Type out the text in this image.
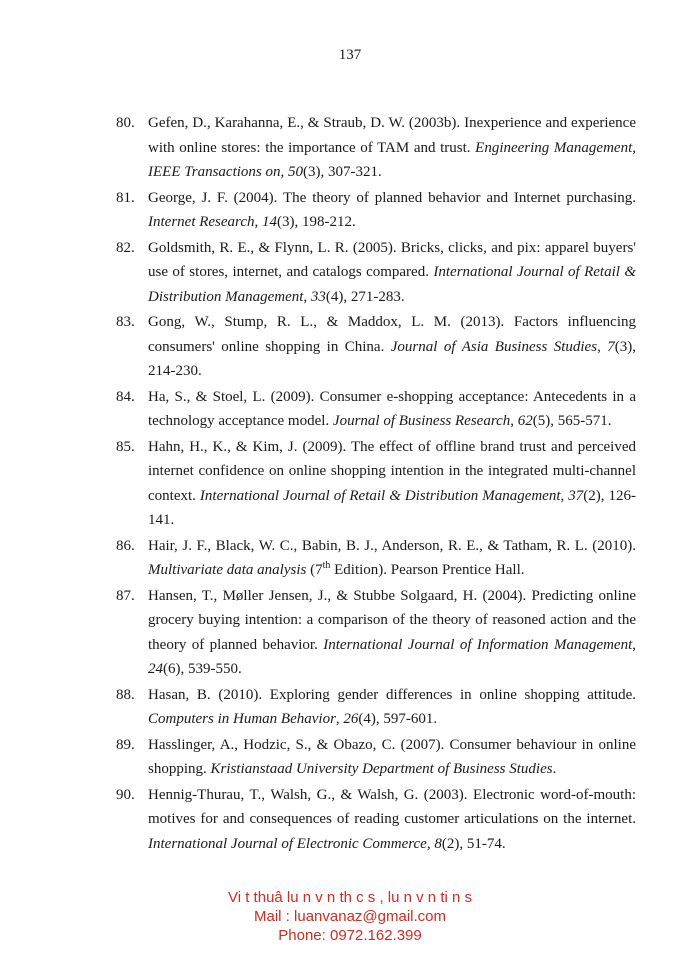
137
80. Gefen, D., Karahanna, E., & Straub, D. W. (2003b). Inexperience and experience with online stores: the importance of TAM and trust. Engineering Management, IEEE Transactions on, 50(3), 307-321.
81. George, J. F. (2004). The theory of planned behavior and Internet purchasing. Internet Research, 14(3), 198-212.
82. Goldsmith, R. E., & Flynn, L. R. (2005). Bricks, clicks, and pix: apparel buyers' use of stores, internet, and catalogs compared. International Journal of Retail & Distribution Management, 33(4), 271-283.
83. Gong, W., Stump, R. L., & Maddox, L. M. (2013). Factors influencing consumers' online shopping in China. Journal of Asia Business Studies, 7(3), 214-230.
84. Ha, S., & Stoel, L. (2009). Consumer e-shopping acceptance: Antecedents in a technology acceptance model. Journal of Business Research, 62(5), 565-571.
85. Hahn, H., K., & Kim, J. (2009). The effect of offline brand trust and perceived internet confidence on online shopping intention in the integrated multi-channel context. International Journal of Retail & Distribution Management, 37(2), 126-141.
86. Hair, J. F., Black, W. C., Babin, B. J., Anderson, R. E., & Tatham, R. L. (2010). Multivariate data analysis (7th Edition). Pearson Prentice Hall.
87. Hansen, T., Møller Jensen, J., & Stubbe Solgaard, H. (2004). Predicting online grocery buying intention: a comparison of the theory of reasoned action and the theory of planned behavior. International Journal of Information Management, 24(6), 539-550.
88. Hasan, B. (2010). Exploring gender differences in online shopping attitude. Computers in Human Behavior, 26(4), 597-601.
89. Hasslinger, A., Hodzic, S., & Obazo, C. (2007). Consumer behaviour in online shopping. Kristianstaad University Department of Business Studies.
90. Hennig-Thurau, T., Walsh, G., & Walsh, G. (2003). Electronic word-of-mouth: motives for and consequences of reading customer articulations on the internet. International Journal of Electronic Commerce, 8(2), 51-74.
Vi t thuâ lu n v n th c s , lu n v n ti n s
Mail : luanvanaz@gmail.com
Phone: 0972.162.399
